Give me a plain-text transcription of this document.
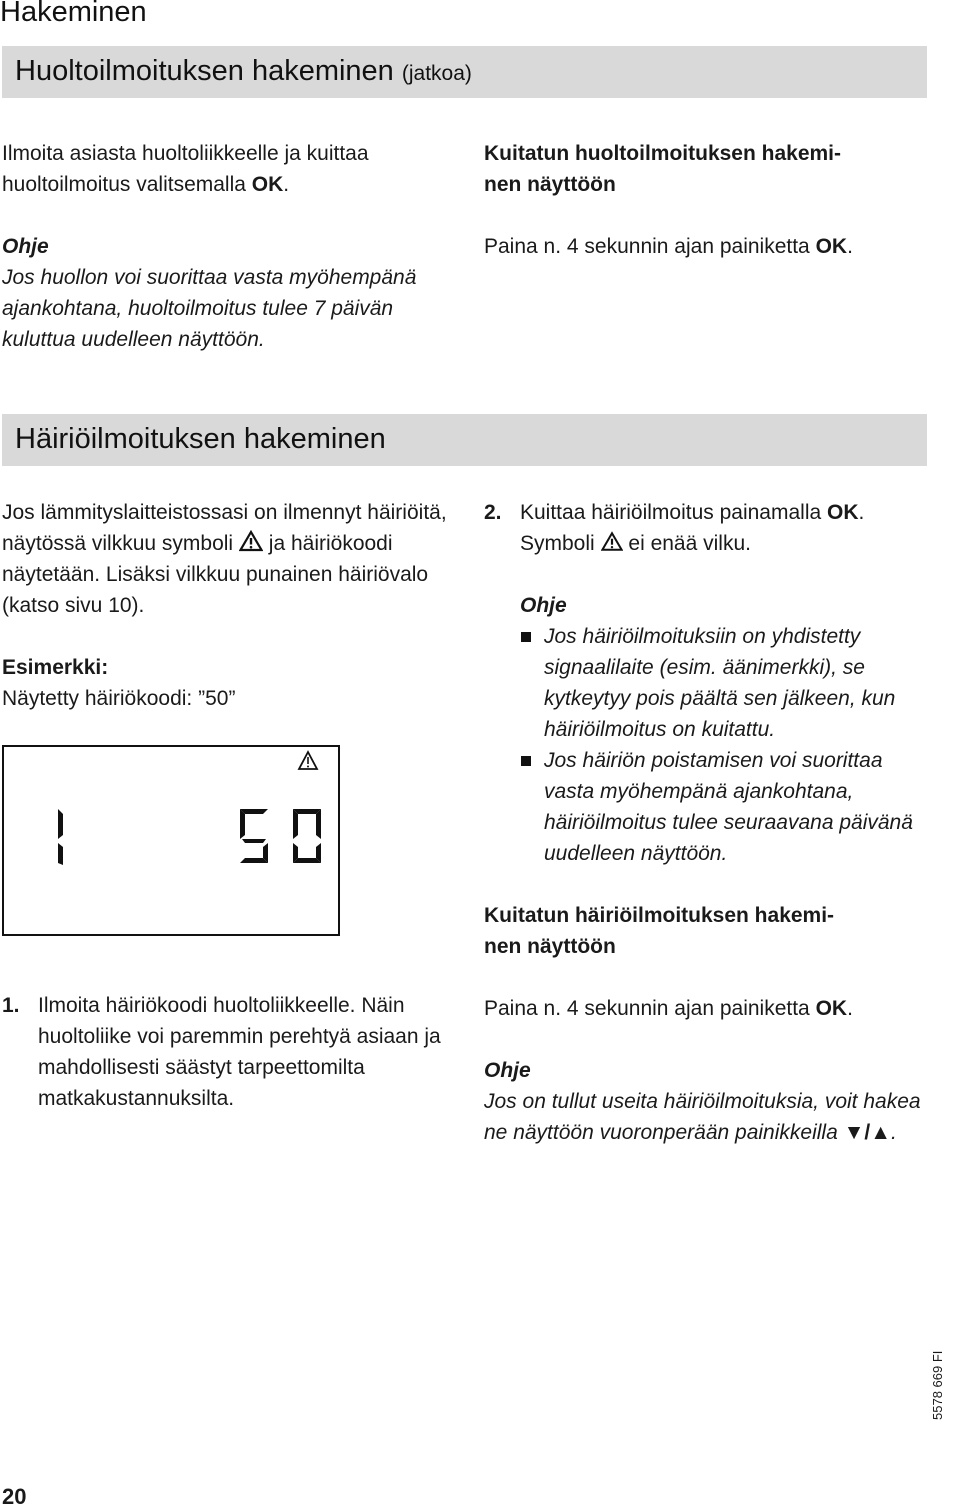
Hakeminen
Huoltoilmoituksen hakeminen (jatkoa)

Ilmoita asiasta huoltoliikkeelle ja kuittaa huoltoilmoitus valitsemalla OK.

Ohje

Jos huollon voi suorittaa vasta myöhempänä ajankohtana, huoltoilmoitus tulee 7 päivän kuluttua uudelleen näyttöön.

Kuitatun huoltoilmoituksen hakemi-

nen näyttöön

Paina n. 4 sekunnin ajan painiketta OK.

Häiriöilmoituksen hakeminen

Jos lämmityslaitteistossasi on ilmennyt häiriöitä, näytössä vilkkuu symboli ja häiriökoodi näytetään. Lisäksi vilkkuu punainen häiriövalo (katso sivu 10).

Esimerkki:

Näytetty häiriökoodi: ”50”

1. Ilmoita häiriökoodi huoltoliikkeelle. Näin huoltoliike voi paremmin perehtyä asiaan ja mahdollisesti säästyt tarpeettomilta matkakustannuksilta.

2. Kuittaa häiriöilmoitus painamalla OK.
Symboli ei enää vilku.

Ohje

Jos häiriöilmoituksiin on yhdistetty signaalilaite (esim. äänimerkki), se kytkeytyy pois päältä sen jälkeen, kun häiriöilmoitus on kuitattu.

Jos häiriön poistamisen voi suorittaa vasta myöhempänä ajankohtana, häiriöilmoitus tulee seuraavana päivänä uudelleen näyttöön.

Kuitatun häiriöilmoituksen hakemi-

nen näyttöön

Paina n. 4 sekunnin ajan painiketta OK.

Ohje

Jos on tullut useita häiriöilmoituksia, voit hakea ne näyttöön vuoronperään painikkeilla ▼/▲.

20
5578 669 FI
